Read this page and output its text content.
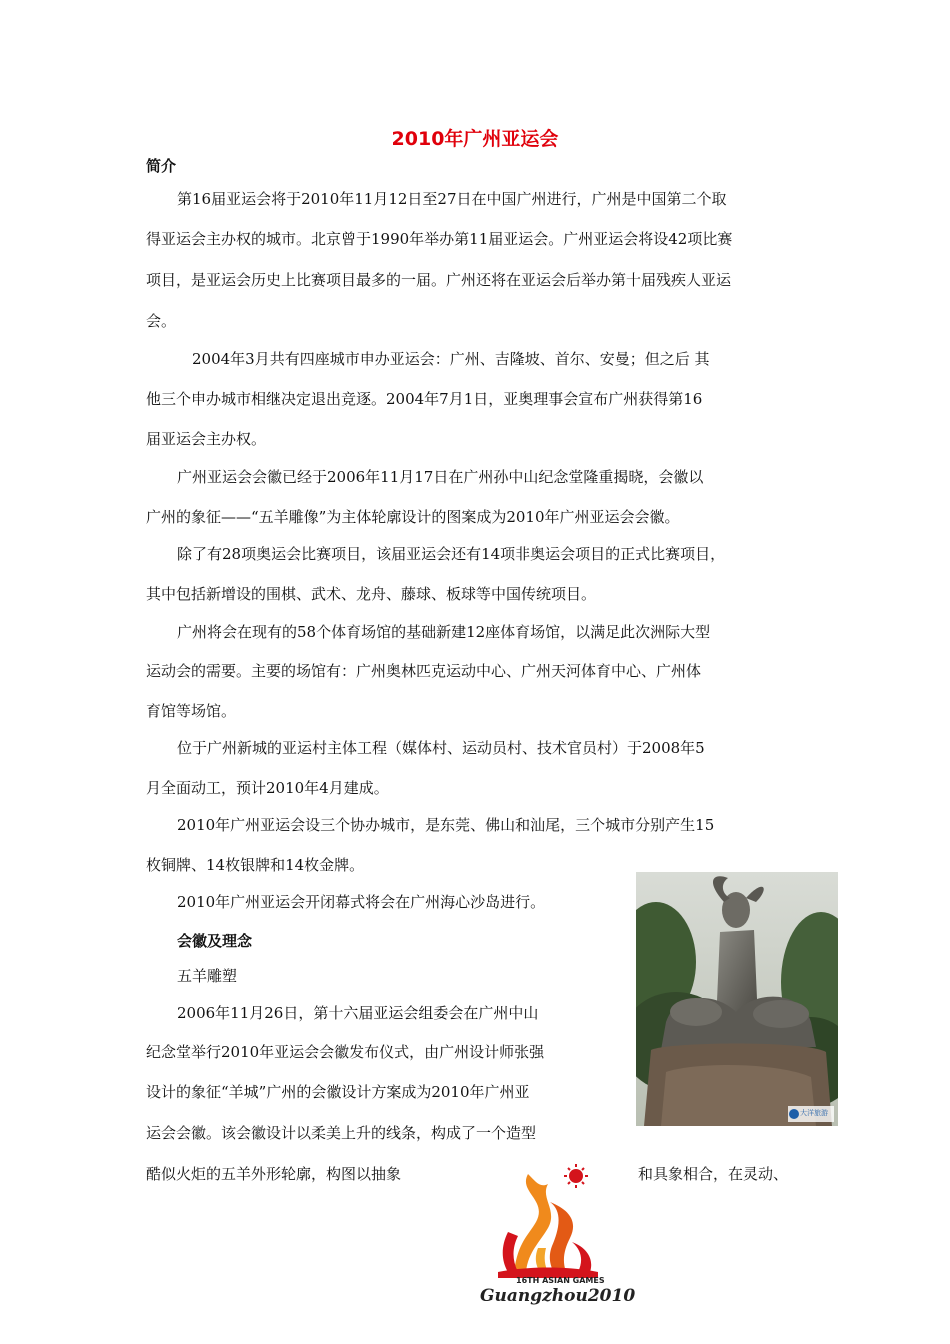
2010年广州亚运会
简介
第16届亚运会将于2010年11月12日至27日在中国广州进行，广州是中国第二个取
得亚运会主办权的城市。北京曾于1990年举办第11届亚运会。广州亚运会将设42项比赛
项目，是亚运会历史上比赛项目最多的一届。广州还将在亚运会后举办第十届残疾人亚运
会。
2004年3月共有四座城市申办亚运会：广州、吉隆坡、首尔、安曼；但之后 其
他三个申办城市相继决定退出竞逐。2004年7月1日，亚奥理事会宣布广州获得第16
届亚运会主办权。
广州亚运会会徽已经于2006年11月17日在广州孙中山纪念堂隆重揭晓，会徽以
广州的象征——“五羊雕像”为主体轮廓设计的图案成为2010年广州亚运会会徽。
除了有28项奥运会比赛项目，该届亚运会还有14项非奥运会项目的正式比赛项目，
其中包括新增设的围棋、武术、龙舟、藤球、板球等中国传统项目。
广州将会在现有的58个体育场馆的基础新建12座体育场馆，以满足此次洲际大型
运动会的需要。主要的场馆有：广州奥林匹克运动中心、广州天河体育中心、广州体
育馆等场馆。
位于广州新城的亚运村主体工程（媒体村、运动员村、技术官员村）于2008年5
月全面动工，预计2010年4月建成。
2010年广州亚运会设三个协办城市，是东莞、佛山和汕尾，三个城市分别产生15
枚铜牌、14枚银牌和14枚金牌。
2010年广州亚运会开闭幕式将会在广州海心沙岛进行。
会徽及理念
五羊雕塑
2006年11月26日，第十六届亚运会组委会在广州中山
纪念堂举行2010年亚运会会徽发布仪式，由广州设计师张强
设计的象征“羊城”广州的会徽设计方案成为2010年广州亚
运会会徽。该会徽设计以柔美上升的线条，构成了一个造型
酷似火炬的五羊外形轮廓，构图以抽象	和具象相合，在灵动、
大洋旅游
16TH ASIAN GAMES
Guangzhou2010
